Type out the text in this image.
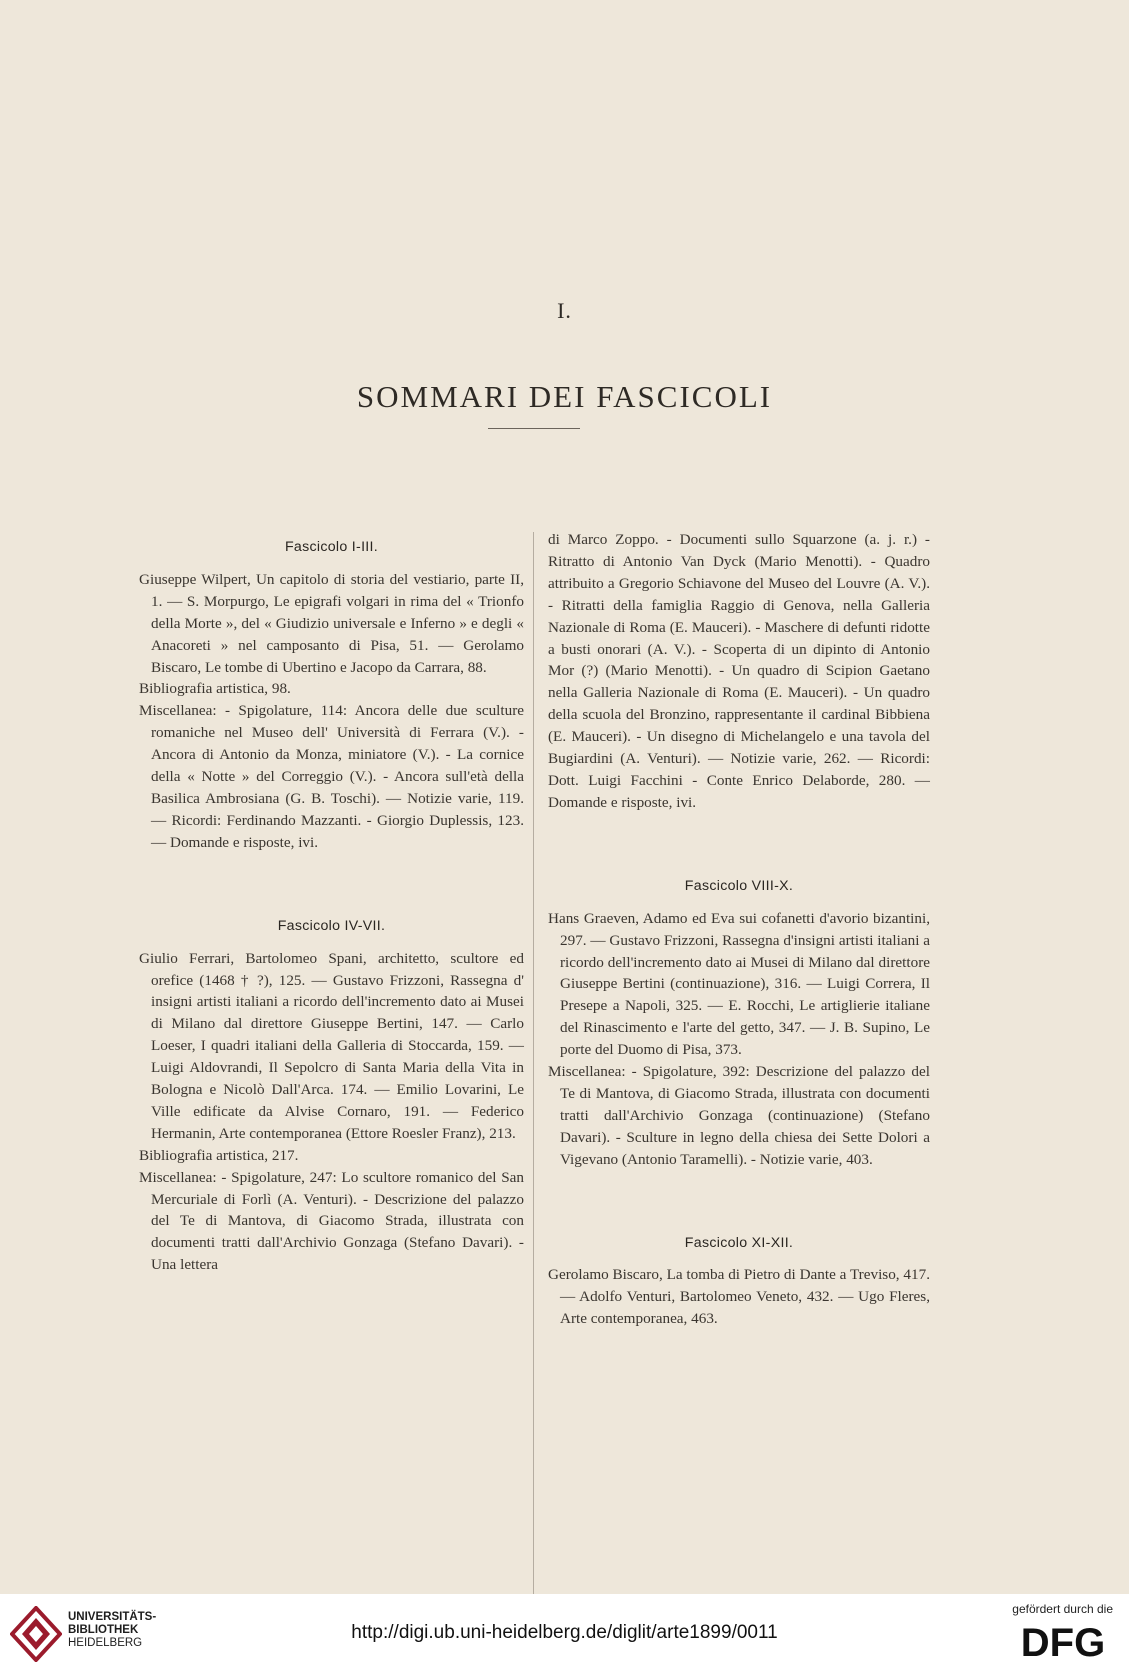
I.
SOMMARI DEI FASCICOLI
Fascicolo I-III.

Giuseppe Wilpert, Un capitolo di storia del vestiario, parte II, 1. — S. Morpurgo, Le epigrafi volgari in rima del « Trionfo della Morte », del « Giudizio universale e Inferno » e degli « Anacoreti » nel camposanto di Pisa, 51. — Gerolamo Biscaro, Le tombe di Ubertino e Jacopo da Carrara, 88.

Bibliografia artistica, 98.

Miscellanea: - Spigolature, 114: Ancora delle due sculture romaniche nel Museo dell' Università di Ferrara (V.). - Ancora di Antonio da Monza, miniatore (V.). - La cornice della « Notte » del Correggio (V.). - Ancora sull'età della Basilica Ambrosiana (G. B. Toschi). — Notizie varie, 119. — Ricordi: Ferdinando Mazzanti. - Giorgio Duplessis, 123. — Domande e risposte, ivi.

Fascicolo IV-VII.

Giulio Ferrari, Bartolomeo Spani, architetto, scultore ed orefice (1468 † ?), 125. — Gustavo Frizzoni, Rassegna d' insigni artisti italiani a ricordo dell'incremento dato ai Musei di Milano dal direttore Giuseppe Bertini, 147. — Carlo Loeser, I quadri italiani della Galleria di Stoccarda, 159. — Luigi Aldovrandi, Il Sepolcro di Santa Maria della Vita in Bologna e Nicolò Dall'Arca. 174. — Emilio Lovarini, Le Ville edificate da Alvise Cornaro, 191. — Federico Hermanin, Arte contemporanea (Ettore Roesler Franz), 213.

Bibliografia artistica, 217.

Miscellanea: - Spigolature, 247: Lo scultore romanico del San Mercuriale di Forlì (A. Venturi). - Descrizione del palazzo del Te di Mantova, di Giacomo Strada, illustrata con documenti tratti dall'Archivio Gonzaga (Stefano Davari). - Una lettera

di Marco Zoppo. - Documenti sullo Squarzone (a. j. r.) - Ritratto di Antonio Van Dyck (Mario Menotti). - Quadro attribuito a Gregorio Schiavone del Museo del Louvre (A. V.). - Ritratti della famiglia Raggio di Genova, nella Galleria Nazionale di Roma (E. Mauceri). - Maschere di defunti ridotte a busti onorari (A. V.). - Scoperta di un dipinto di Antonio Mor (?) (Mario Menotti). - Un quadro di Scipion Gaetano nella Galleria Nazionale di Roma (E. Mauceri). - Un quadro della scuola del Bronzino, rappresentante il cardinal Bibbiena (E. Mauceri). - Un disegno di Michelangelo e una tavola del Bugiardini (A. Venturi). — Notizie varie, 262. — Ricordi: Dott. Luigi Facchini - Conte Enrico Delaborde, 280. — Domande e risposte, ivi.

Fascicolo VIII-X.

Hans Graeven, Adamo ed Eva sui cofanetti d'avorio bizantini, 297. — Gustavo Frizzoni, Rassegna d'insigni artisti italiani a ricordo dell'incremento dato ai Musei di Milano dal direttore Giuseppe Bertini (continuazione), 316. — Luigi Correra, Il Presepe a Napoli, 325. — E. Rocchi, Le artiglierie italiane del Rinascimento e l'arte del getto, 347. — J. B. Supino, Le porte del Duomo di Pisa, 373.

Miscellanea: - Spigolature, 392: Descrizione del palazzo del Te di Mantova, di Giacomo Strada, illustrata con documenti tratti dall'Archivio Gonzaga (continuazione) (Stefano Davari). - Sculture in legno della chiesa dei Sette Dolori a Vigevano (Antonio Taramelli). - Notizie varie, 403.

Fascicolo XI-XII.

Gerolamo Biscaro, La tomba di Pietro di Dante a Treviso, 417. — Adolfo Venturi, Bartolomeo Veneto, 432. — Ugo Fleres, Arte contemporanea, 463.

UNIVERSITÄTS-
BIBLIOTHEK
HEIDELBERG	http://digi.ub.uni-heidelberg.de/diglit/arte1899/0011
gefördert durch die
DFG
